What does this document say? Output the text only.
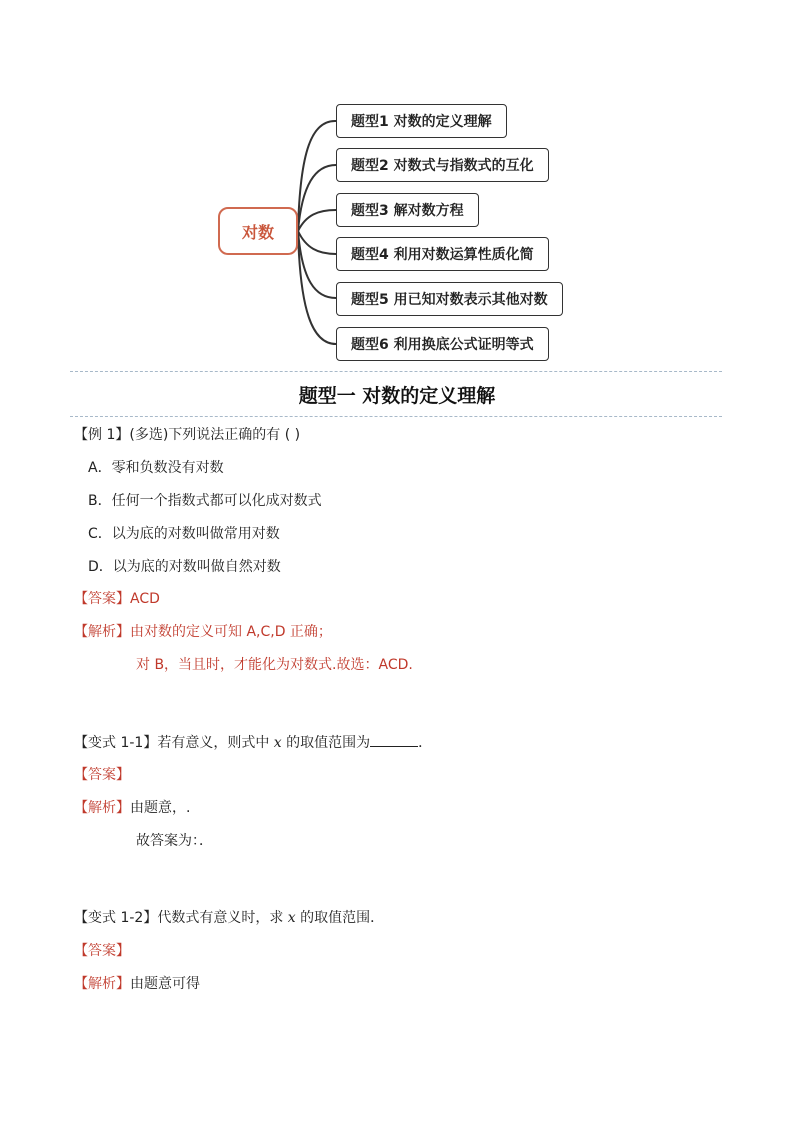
对数
题型1 对数的定义理解
题型2 对数式与指数式的互化
题型3 解对数方程
题型4 利用对数运算性质化简
题型5 用已知对数表示其他对数
题型6 利用换底公式证明等式
题型一 对数的定义理解
【例 1】(多选)下列说法正确的有 ( )
A．零和负数没有对数
B．任何一个指数式都可以化成对数式
C．以为底的对数叫做常用对数
D．以为底的对数叫做自然对数
【答案】ACD
【解析】由对数的定义可知 A,C,D 正确；
对 B，当且时，才能化为对数式.故选：ACD.
【变式 1-1】若有意义，则式中 x 的取值范围为	．
【答案】
【解析】由题意，.
故答案为：．
【变式 1-2】代数式有意义时，求 x 的取值范围．
【答案】
【解析】由题意可得
